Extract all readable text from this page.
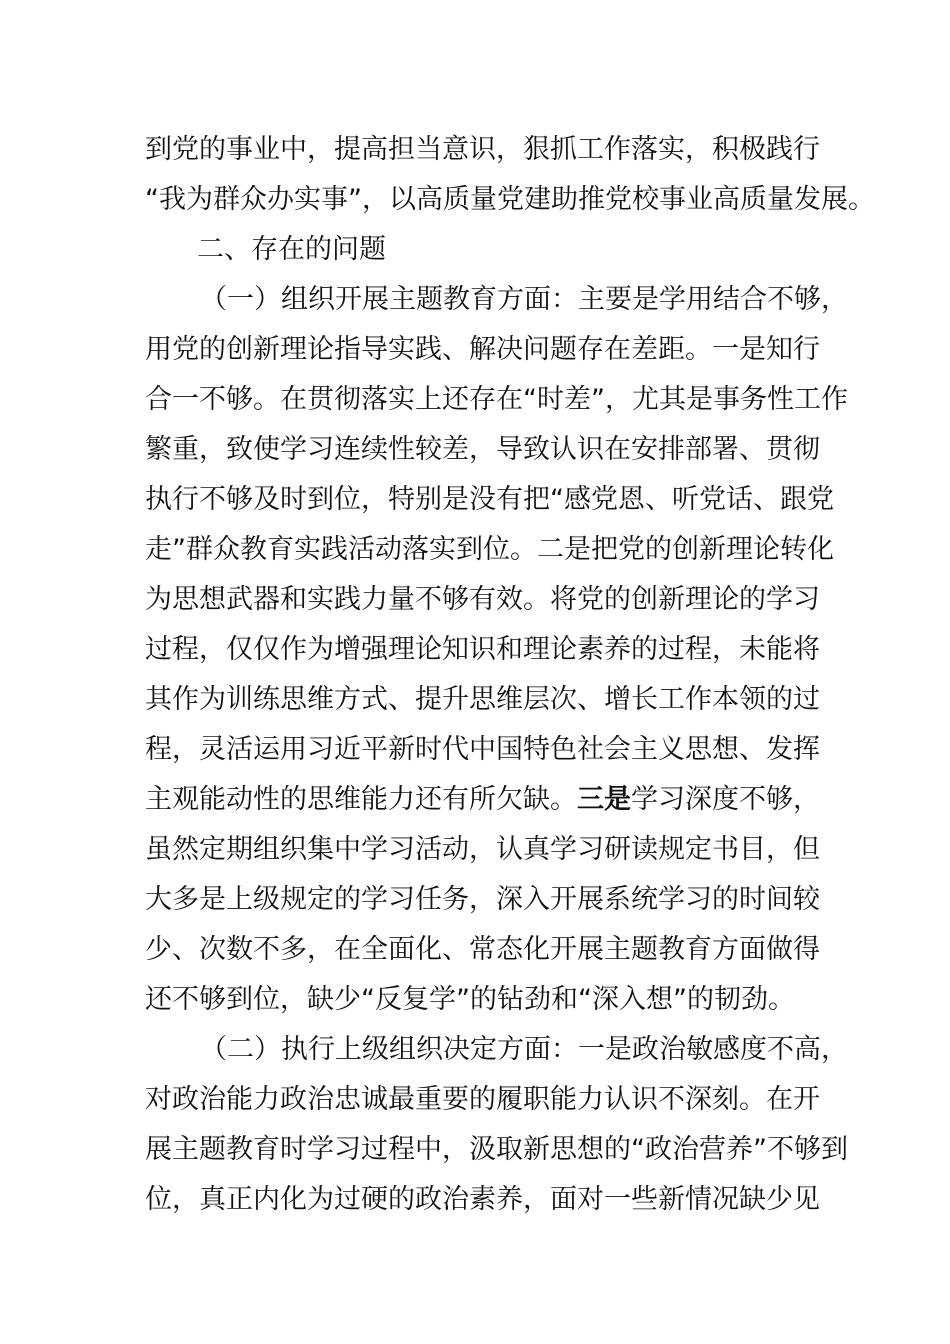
到党的事业中，提高担当意识，狠抓工作落实，积极践行
“我为群众办实事”，以高质量党建助推党校事业高质量发展。
二、存在的问题
（一）组织开展主题教育方面：主要是学用结合不够，
用党的创新理论指导实践、解决问题存在差距。一是知行
合一不够。在贯彻落实上还存在“时差”，尤其是事务性工作
繁重，致使学习连续性较差，导致认识在安排部署、贯彻
执行不够及时到位，特别是没有把“感党恩、听党话、跟党
走”群众教育实践活动落实到位。二是把党的创新理论转化
为思想武器和实践力量不够有效。将党的创新理论的学习
过程，仅仅作为增强理论知识和理论素养的过程，未能将
其作为训练思维方式、提升思维层次、增长工作本领的过
程，灵活运用习近平新时代中国特色社会主义思想、发挥
主观能动性的思维能力还有所欠缺。三是学习深度不够，
虽然定期组织集中学习活动，认真学习研读规定书目，但
大多是上级规定的学习任务，深入开展系统学习的时间较
少、次数不多，在全面化、常态化开展主题教育方面做得
还不够到位，缺少“反复学”的钻劲和“深入想”的韧劲。
（二）执行上级组织决定方面：一是政治敏感度不高，
对政治能力政治忠诚最重要的履职能力认识不深刻。在开
展主题教育时学习过程中，汲取新思想的“政治营养”不够到
位，真正内化为过硬的政治素养，面对一些新情况缺少见
